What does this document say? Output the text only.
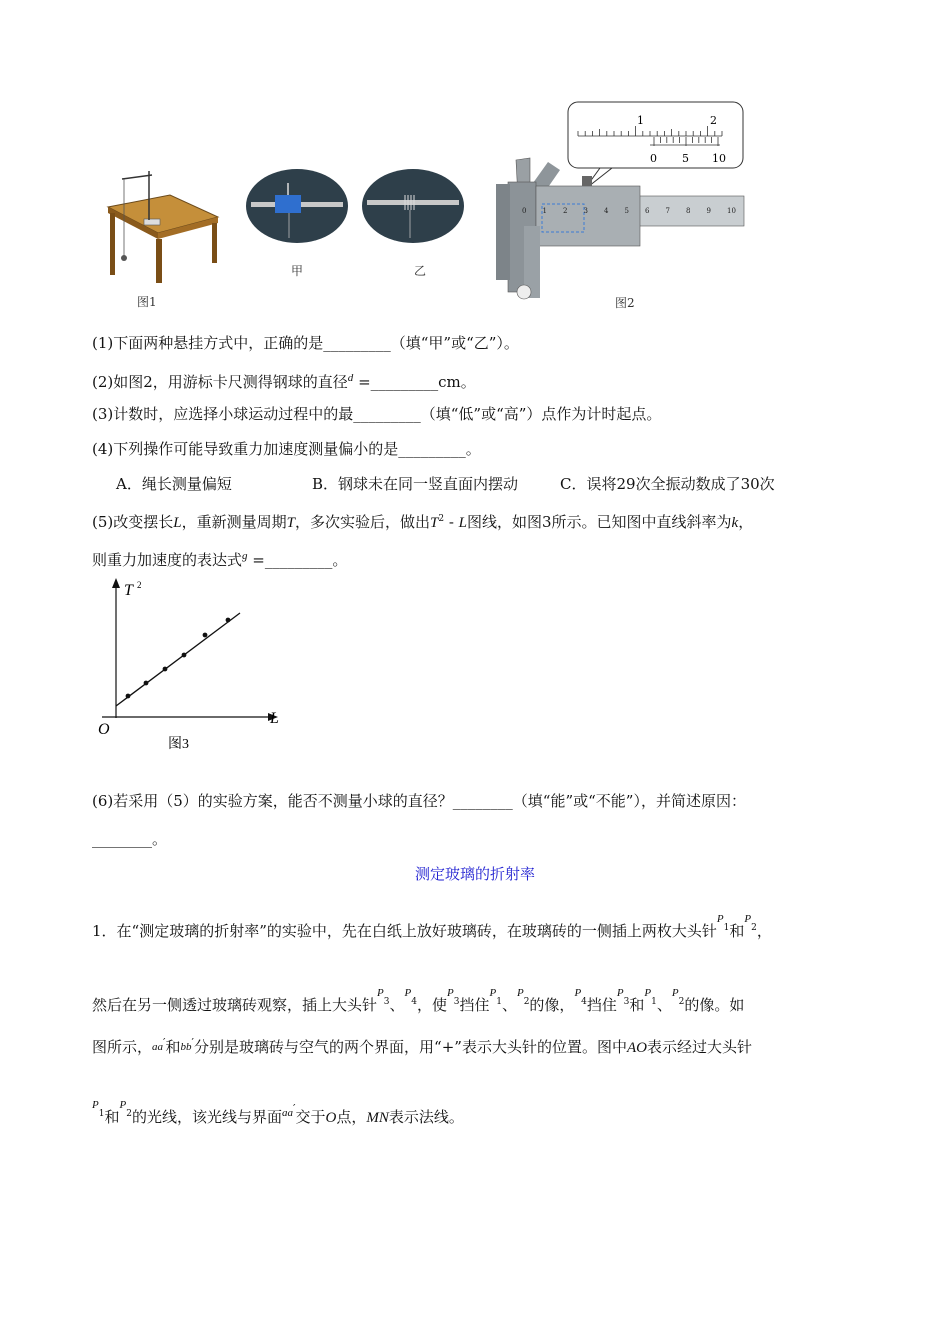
图1
甲	乙
1	2
0 5 10
0 1 2 3 4 5 6 7 8 9 10
图2
(1)下面两种悬挂方式中，正确的是_________（填“甲”或“乙”）。
(2)如图2，用游标卡尺测得钢球的直径$^d$ =_________cm。
(3)计数时，应选择小球运动过程中的最_________（填“低”或“高”）点作为计时起点。
(4)下列操作可能导致重力加速度测量偏小的是_________。
A．绳长测量偏短	B．钢球未在同一竖直面内摆动	C．误将29次全振动数成了30次
(5)改变摆长L，重新测量周期T，多次实验后，做出$T^2$ - L图线，如图3所示。已知图中直线斜率为k，
则重力加速度的表达式$^g$ =_________。
T 2
L
O
图3
(6)若采用（5）的实验方案，能否不测量小球的直径？________（填“能”或“不能”），并简述原因：
________。
测定玻璃的折射率
1．在“测定玻璃的折射率”的实验中，先在白纸上放好玻璃砖，在玻璃砖的一侧插上两枚大头针$^{P1}$和$^{P2}$，
然后在另一侧透过玻璃砖观察，插上大头针$^{P3}$、$^{P4}$，使$^{P3}$挡住$^{P1}$、$^{P2}$的像，$^{P4}$挡住$^{P3}$和$^{P1}$、$^{P2}$的像。如
图所示，aa′和bb′分别是玻璃砖与空气的两个界面，用“+”表示大头针的位置。图中AO表示经过大头针
$^{P1}$和$^{P2}$的光线，该光线与界面$^{aa'}$交于O点，MN表示法线。
